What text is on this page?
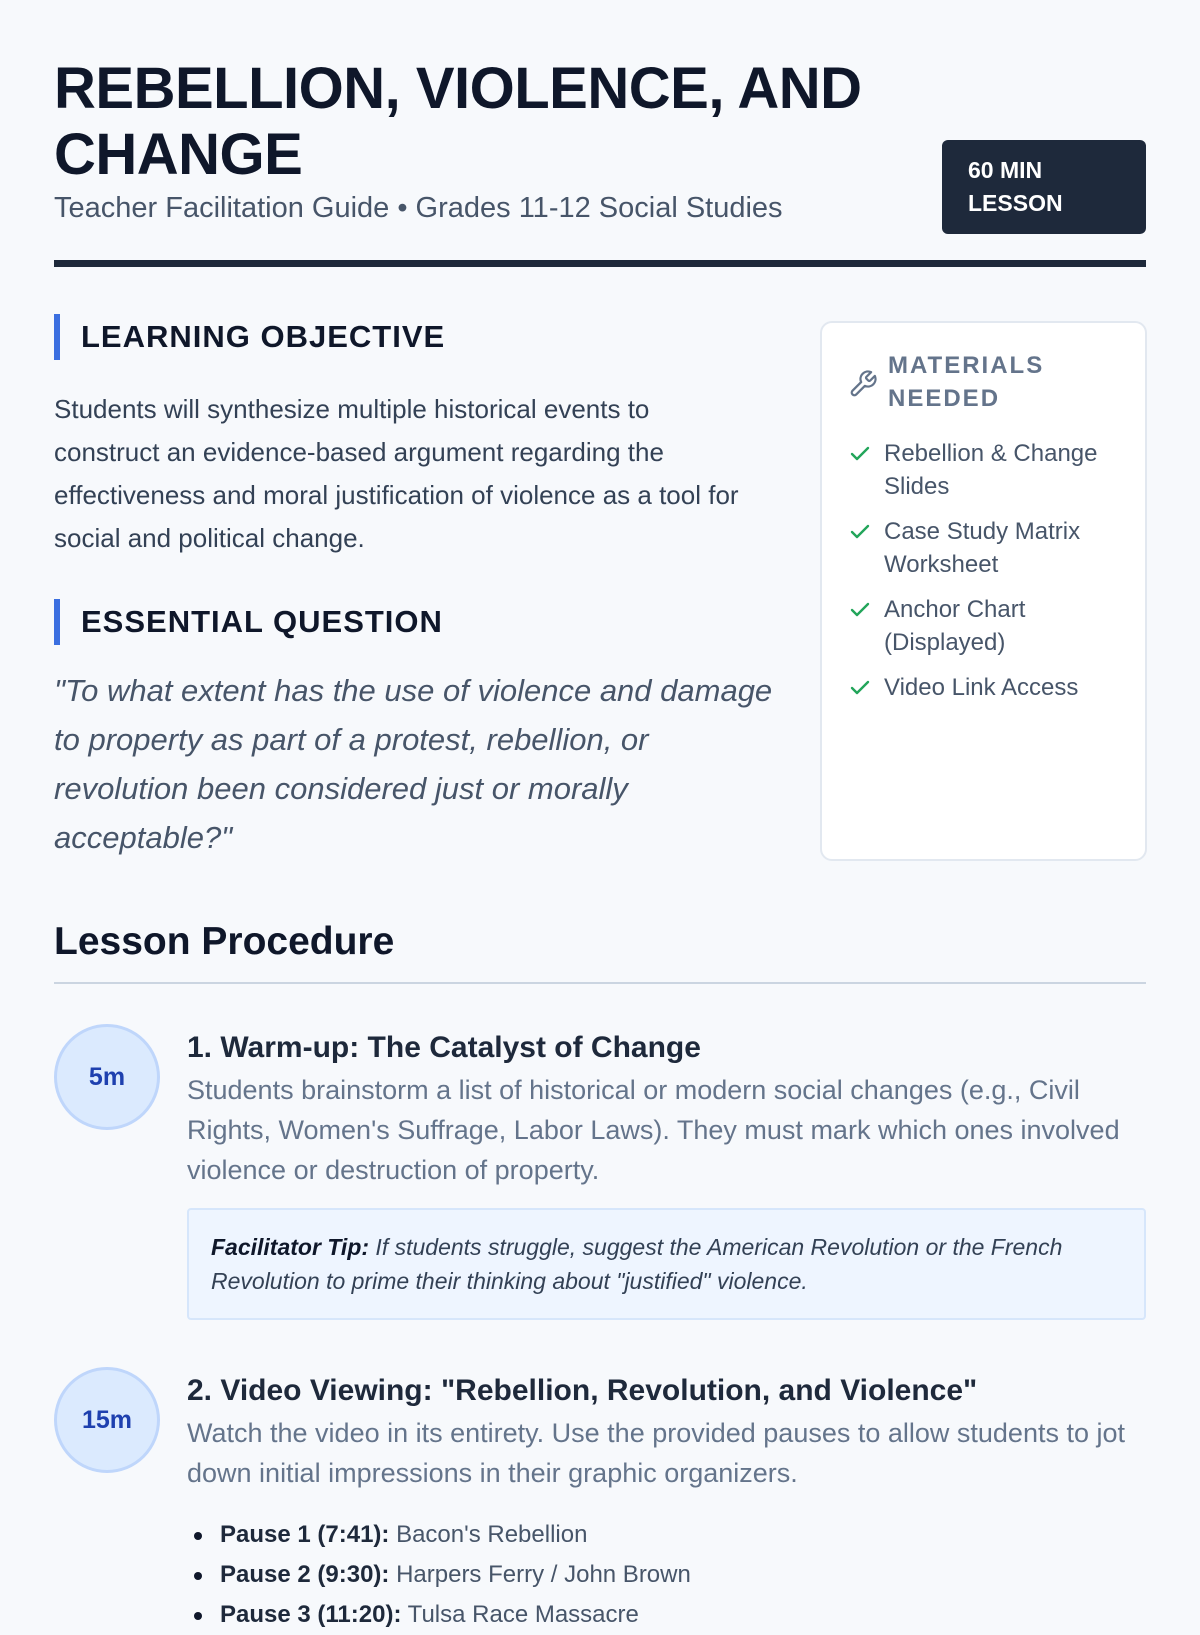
REBELLION, VIOLENCE, AND CHANGE
Teacher Facilitation Guide • Grades 11-12 Social Studies
60 MIN LESSON
LEARNING OBJECTIVE

Students will synthesize multiple historical events to construct an evidence-based argument regarding the effectiveness and moral justification of violence as a tool for social and political change.

ESSENTIAL QUESTION

"To what extent has the use of violence and damage to property as part of a protest, rebellion, or revolution been considered just or morally acceptable?"

MATERIALS NEEDED
Rebellion & Change Slides
Case Study Matrix Worksheet
Anchor Chart (Displayed)
Video Link Access
Lesson Procedure
5m
1. Warm-up: The Catalyst of Change

Students brainstorm a list of historical or modern social changes (e.g., Civil Rights, Women's Suffrage, Labor Laws). They must mark which ones involved violence or destruction of property.

Facilitator Tip: If students struggle, suggest the American Revolution or the French Revolution to prime their thinking about "justified" violence.
15m
2. Video Viewing: "Rebellion, Revolution, and Violence"

Watch the video in its entirety. Use the provided pauses to allow students to jot down initial impressions in their graphic organizers.

Pause 1 (7:41): Bacon's Rebellion
Pause 2 (9:30): Harpers Ferry / John Brown
Pause 3 (11:20): Tulsa Race Massacre
